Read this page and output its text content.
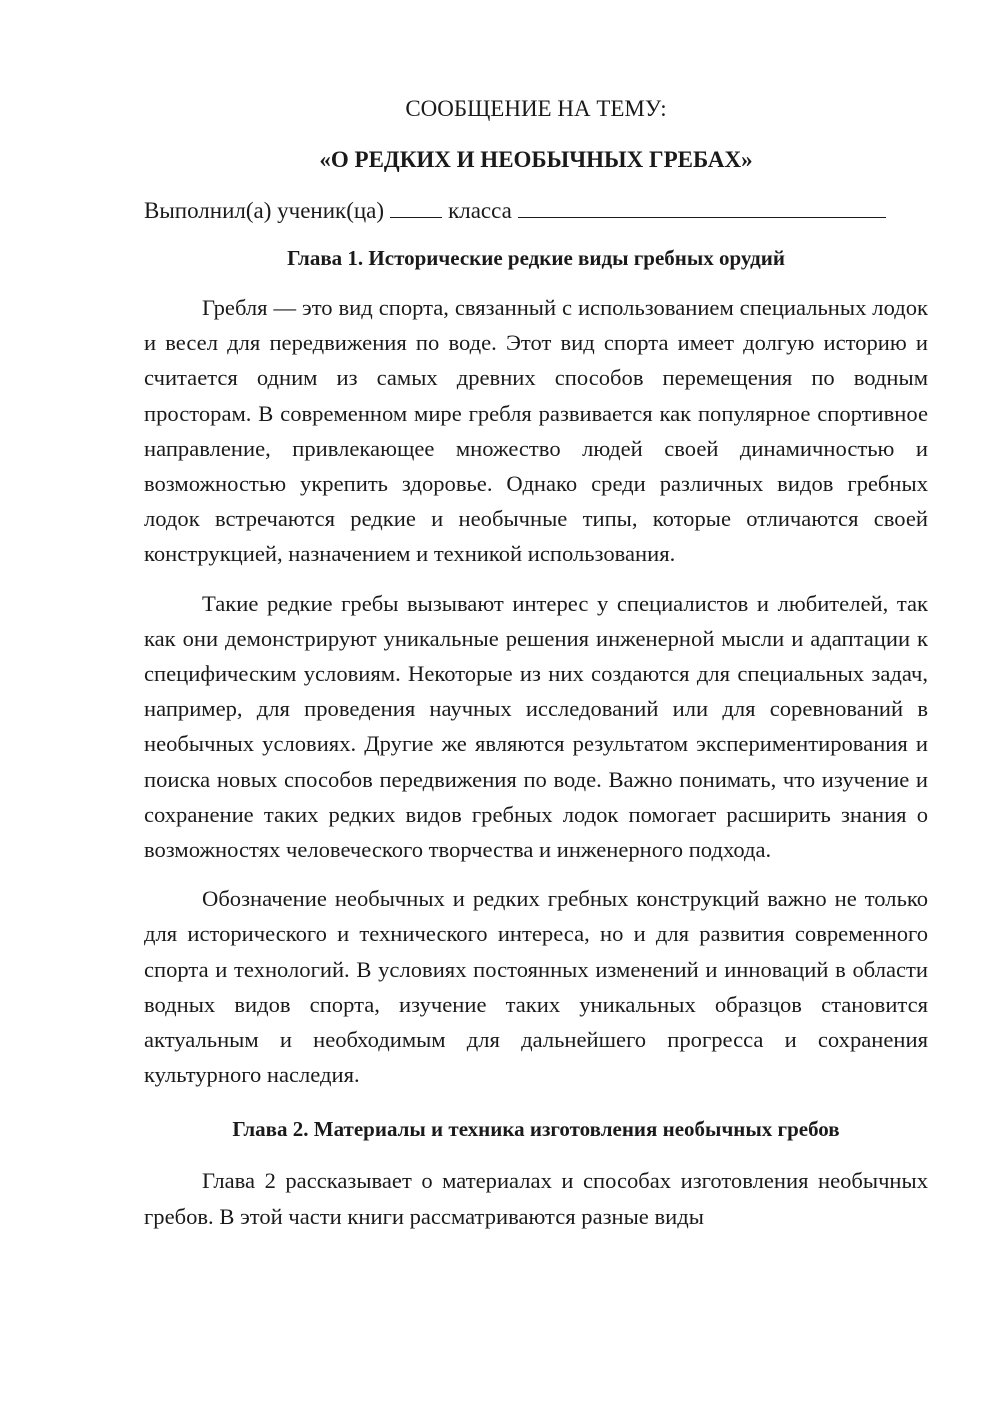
СООБЩЕНИЕ НА ТЕМУ:

«О РЕДКИХ И НЕОБЫЧНЫХ ГРЕБАХ»

Выполнил(а) ученик(ца)	класса

Глава 1. Исторические редкие виды гребных орудий

Гребля — это вид спорта, связанный с использованием специальных лодок и весел для передвижения по воде. Этот вид спорта имеет долгую историю и считается одним из самых древних способов перемещения по водным просторам. В современном мире гребля развивается как популярное спортивное направление, привлекающее множество людей своей динамичностью и возможностью укрепить здоровье. Однако среди различных видов гребных лодок встречаются редкие и необычные типы, которые отличаются своей конструкцией, назначением и техникой использования.

Такие редкие гребы вызывают интерес у специалистов и любителей, так как они демонстрируют уникальные решения инженерной мысли и адаптации к специфическим условиям. Некоторые из них создаются для специальных задач, например, для проведения научных исследований или для соревнований в необычных условиях. Другие же являются результатом экспериментирования и поиска новых способов передвижения по воде. Важно понимать, что изучение и сохранение таких редких видов гребных лодок помогает расширить знания о возможностях человеческого творчества и инженерного подхода.

Обозначение необычных и редких гребных конструкций важно не только для исторического и технического интереса, но и для развития современного спорта и технологий. В условиях постоянных изменений и инноваций в области водных видов спорта, изучение таких уникальных образцов становится актуальным и необходимым для дальнейшего прогресса и сохранения культурного наследия.

Глава 2. Материалы и техника изготовления необычных гребов

Глава 2 рассказывает о материалах и способах изготовления необычных гребов. В этой части книги рассматриваются разные виды
